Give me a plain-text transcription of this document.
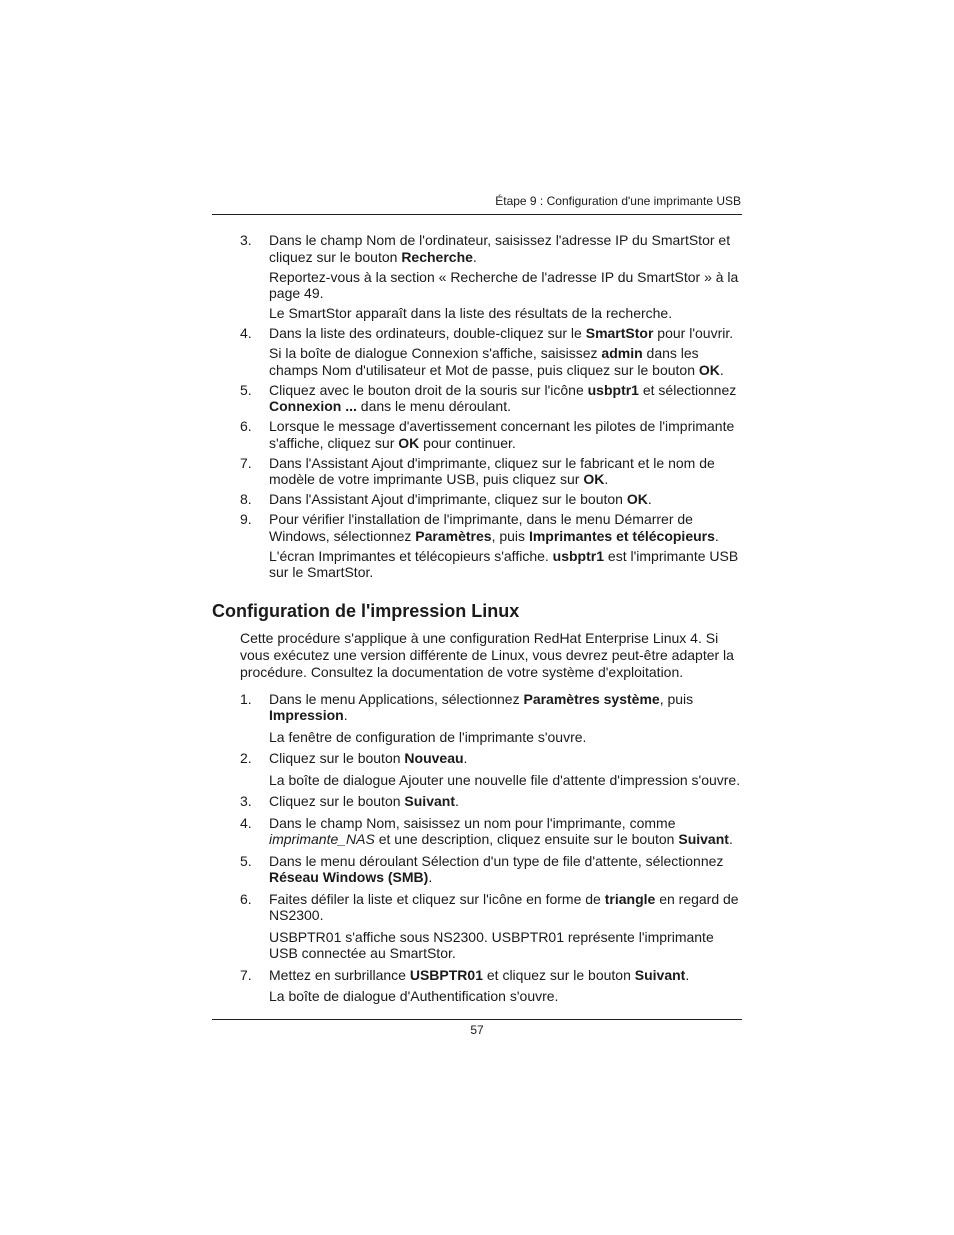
Étape 9 : Configuration d'une imprimante USB
3. Dans le champ Nom de l'ordinateur, saisissez l'adresse IP du SmartStor et cliquez sur le bouton Recherche.
Reportez-vous à la section « Recherche de l'adresse IP du SmartStor » à la page 49.
Le SmartStor apparaît dans la liste des résultats de la recherche.
4. Dans la liste des ordinateurs, double-cliquez sur le SmartStor pour l'ouvrir.
Si la boîte de dialogue Connexion s'affiche, saisissez admin dans les champs Nom d'utilisateur et Mot de passe, puis cliquez sur le bouton OK.
5. Cliquez avec le bouton droit de la souris sur l'icône usbptr1 et sélectionnez Connexion ... dans le menu déroulant.
6. Lorsque le message d'avertissement concernant les pilotes de l'imprimante s'affiche, cliquez sur OK pour continuer.
7. Dans l'Assistant Ajout d'imprimante, cliquez sur le fabricant et le nom de modèle de votre imprimante USB, puis cliquez sur OK.
8. Dans l'Assistant Ajout d'imprimante, cliquez sur le bouton OK.
9. Pour vérifier l'installation de l'imprimante, dans le menu Démarrer de Windows, sélectionnez Paramètres, puis Imprimantes et télécopieurs.
L'écran Imprimantes et télécopieurs s'affiche. usbptr1 est l'imprimante USB sur le SmartStor.
Configuration de l'impression Linux

Cette procédure s'applique à une configuration RedHat Enterprise Linux 4. Si vous exécutez une version différente de Linux, vous devrez peut-être adapter la procédure. Consultez la documentation de votre système d'exploitation.

1. Dans le menu Applications, sélectionnez Paramètres système, puis Impression.
La fenêtre de configuration de l'imprimante s'ouvre.
2. Cliquez sur le bouton Nouveau.
La boîte de dialogue Ajouter une nouvelle file d'attente d'impression s'ouvre.
3. Cliquez sur le bouton Suivant.
4. Dans le champ Nom, saisissez un nom pour l'imprimante, comme imprimante_NAS et une description, cliquez ensuite sur le bouton Suivant.
5. Dans le menu déroulant Sélection d'un type de file d'attente, sélectionnez Réseau Windows (SMB).
6. Faites défiler la liste et cliquez sur l'icône en forme de triangle en regard de NS2300.
USBPTR01 s'affiche sous NS2300. USBPTR01 représente l'imprimante USB connectée au SmartStor.
7. Mettez en surbrillance USBPTR01 et cliquez sur le bouton Suivant.
La boîte de dialogue d'Authentification s'ouvre.
57
